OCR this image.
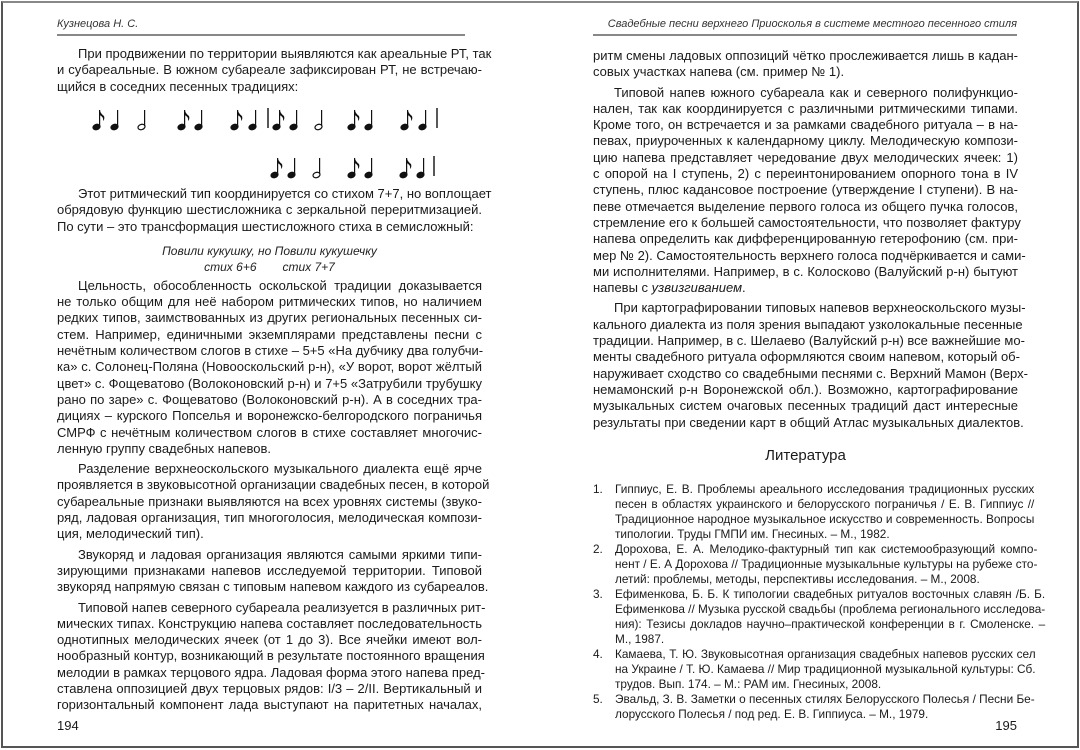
Кузнецова Н. С.
При продвижении по территории выявляются как ареальные РТ, так
и субареальные. В южном субареале зафиксирован РТ, не встречаю-
щийся в соседних песенных традициях:
Этот ритмический тип координируется со стихом 7+7, но воплощает
обрядовую функцию шестисложника с зеркальной переритмизацией.
По сути – это трансформация шестисложного стиха в семисложный:
Повили кукушку, но Повили кукушечку
стих 6+6 стих 7+7
Цельность, обособленность оскольской традиции доказывается
не только общим для неё набором ритмических типов, но наличием
редких типов, заимствованных из других региональных песенных си-
стем. Например, единичными экземплярами представлены песни с
нечётным количеством слогов в стихе – 5+5 «На дубчику два голубчи-
ка» с. Солонец-Поляна (Новооскольский р-н), «У ворот, ворот жёлтый
цвет» с. Фощеватово (Волоконовский р-н) и 7+5 «Затрубили трубушку
рано по заре» с. Фощеватово (Волоконовский р-н). А в соседних тра-
дициях – курского Попселья и воронежско-белгородского пограничья
СМРФ с нечётным количеством слогов в стихе составляет многочис-
ленную группу свадебных напевов.
Разделение верхнеоскольского музыкального диалекта ещё ярче
проявляется в звуковысотной организации свадебных песен, в которой
субареальные признаки выявляются на всех уровнях системы (звуко-
ряд, ладовая организация, тип многоголосия, мелодическая компози-
ция, мелодический тип).
Звукоряд и ладовая организация являются самыми яркими типи-
зирующими признаками напевов исследуемой территории. Типовой
звукоряд напрямую связан с типовым напевом каждого из субареалов.
Типовой напев северного субареала реализуется в различных рит-
мических типах. Конструкцию напева составляет последовательность
однотипных мелодических ячеек (от 1 до 3). Все ячейки имеют вол-
нообразный контур, возникающий в результате постоянного вращения
мелодии в рамках терцового ядра. Ладовая форма этого напева пред-
ставлена оппозицией двух терцовых рядов: I/3 – 2/II. Вертикальный и
горизонтальный компонент лада выступают на паритетных началах,
194
Свадебные песни верхнего Приосколья в системе местного песенного стиля
ритм смены ладовых оппозиций чётко прослеживается лишь в кадан-
совых участках напева (см. пример № 1).
Типовой напев южного субареала как и северного полифункцио-
нален, так как координируется с различными ритмическими типами.
Кроме того, он встречается и за рамками свадебного ритуала – в на-
певах, приуроченных к календарному циклу. Мелодическую компози-
цию напева представляет чередование двух мелодических ячеек: 1)
с опорой на I ступень, 2) с переинтонированием опорного тона в IV
ступень, плюс кадансовое построение (утверждение I ступени). В на-
певе отмечается выделение первого голоса из общего пучка голосов,
стремление его к большей самостоятельности, что позволяет фактуру
напева определить как дифференцированную гетерофонию (см. при-
мер № 2). Самостоятельность верхнего голоса подчёркивается и сами-
ми исполнителями. Например, в с. Колосково (Валуйский р-н) бытуют
напевы с узвизгиванием.
При картографировании типовых напевов верхнеоскольского музы-
кального диалекта из поля зрения выпадают узколокальные песенные
традиции. Например, в с. Шелаево (Валуйский р-н) все важнейшие мо-
менты свадебного ритуала оформляются своим напевом, который об-
наруживает сходство со свадебными песнями с. Верхний Мамон (Верх-
немамонский р-н Воронежской обл.). Возможно, картографирование
музыкальных систем очаговых песенных традиций даст интересные
результаты при сведении карт в общий Атлас музыкальных диалектов.
Литература
1.	Гиппиус, Е. В. Проблемы ареального исследования традиционных русских
песен в областях украинского и белорусского пограничья / Е. В. Гиппиус //
Традиционное народное музыкальное искусство и современность. Вопросы
типологии. Труды ГМПИ им. Гнесиных. – М., 1982.
2.	Дорохова, Е. А. Мелодико-фактурный тип как системообразующий компо-
нент / Е. А Дорохова // Традиционные музыкальные культуры на рубеже сто-
летий: проблемы, методы, перспективы исследования. – М., 2008.
3.	Ефименкова, Б. Б. К типологии свадебных ритуалов восточных славян /Б. Б.
Ефименкова // Музыка русской свадьбы (проблема регионального исследова-
ния): Тезисы докладов научно–практической конференции в г. Смоленске. –
М., 1987.
4.	Камаева, Т. Ю. Звуковысотная организация свадебных напевов русских сел
на Украине / Т. Ю. Камаева // Мир традиционной музыкальной культуры: Сб.
трудов. Вып. 174. – М.: РАМ им. Гнесиных, 2008.
5.	Эвальд, З. В. Заметки о песенных стилях Белорусского Полесья / Песни Бе-
лорусского Полесья / под ред. Е. В. Гиппиуса. – М., 1979.
195
